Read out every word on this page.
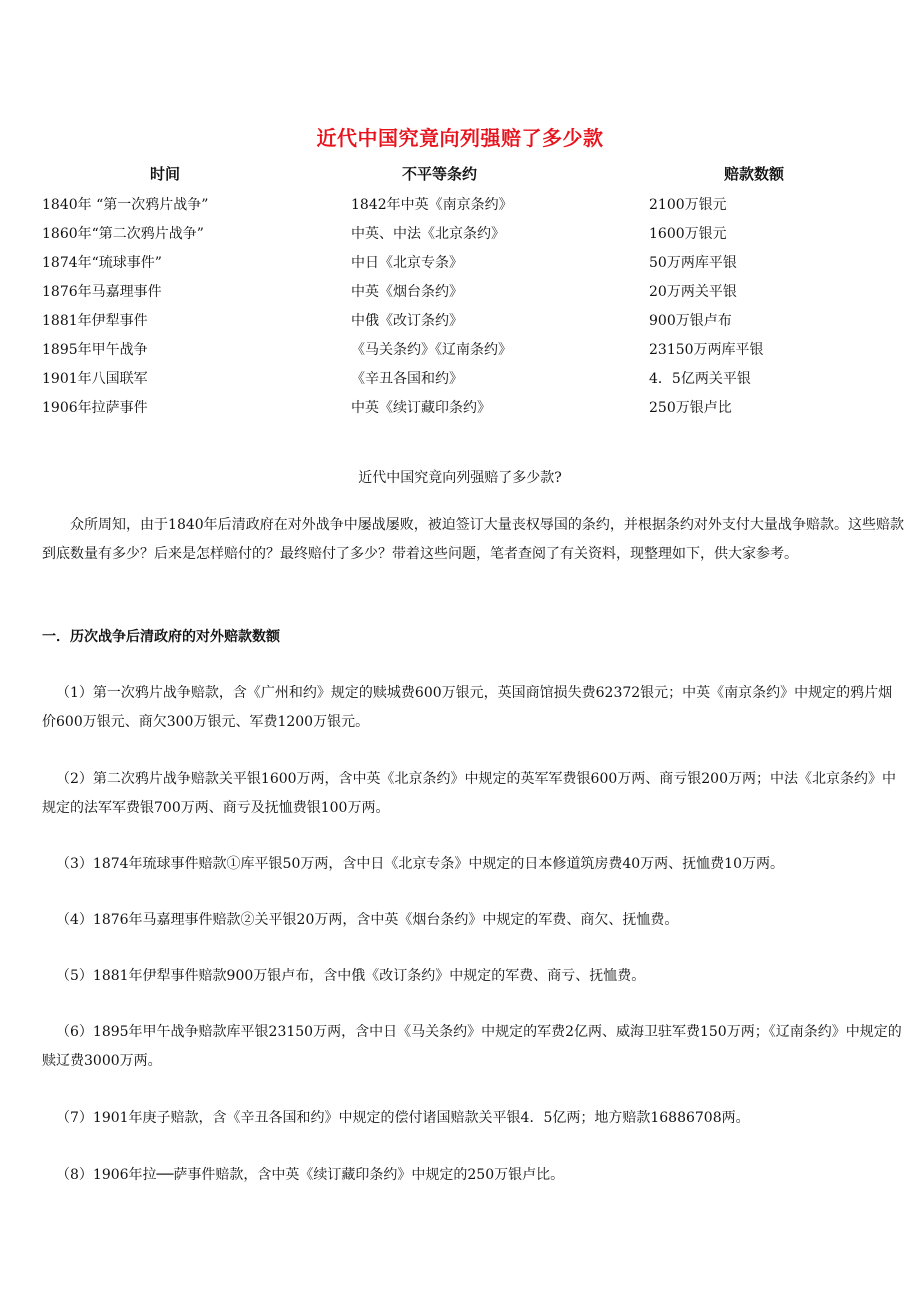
近代中国究竟向列强赔了多少款
时间	不平等条约	赔款数额
1840年 “第一次鸦片战争”	1842年中英《南京条约》	2100万银元
1860年“第二次鸦片战争”	中英、中法《北京条约》	1600万银元
1874年“琉球事件”	中日《北京专条》	50万两库平银
1876年马嘉理事件	中英《烟台条约》	20万两关平银
1881年伊犁事件	中俄《改订条约》	900万银卢布
1895年甲午战争	《马关条约》《辽南条约》	23150万两库平银
1901年八国联军	《辛丑各国和约》	4．5亿两关平银
1906年拉萨事件	中英《续订藏印条约》	250万银卢比
近代中国究竟向列强赔了多少款?

众所周知，由于1840年后清政府在对外战争中屡战屡败，被迫签订大量丧权辱国的条约，并根据条约对外支付大量战争赔款。这些赔款到底数量有多少？后来是怎样赔付的？最终赔付了多少？带着这些问题，笔者查阅了有关资料，现整理如下，供大家参考。

一．历次战争后清政府的对外赔款数额

（1）第一次鸦片战争赔款，含《广州和约》规定的赎城费600万银元，英国商馆损失费62372银元；中英《南京条约》中规定的鸦片烟价600万银元、商欠300万银元、军费1200万银元。

（2）第二次鸦片战争赔款关平银1600万两，含中英《北京条约》中规定的英军军费银600万两、商亏银200万两；中法《北京条约》中规定的法军军费银700万两、商亏及抚恤费银100万两。

（3）1874年琉球事件赔款①库平银50万两，含中日《北京专条》中规定的日本修道筑房费40万两、抚恤费10万两。

（4）1876年马嘉理事件赔款②关平银20万两，含中英《烟台条约》中规定的军费、商欠、抚恤费。

（5）1881年伊犁事件赔款900万银卢布，含中俄《改订条约》中规定的军费、商亏、抚恤费。

（6）1895年甲午战争赔款库平银23150万两，含中日《马关条约》中规定的军费2亿两、威海卫驻军费150万两；《辽南条约》中规定的赎辽费3000万两。

（7）1901年庚子赔款，含《辛丑各国和约》中规定的偿付诸国赔款关平银4．5亿两；地方赔款16886708两。

（8）1906年拉──萨事件赔款，含中英《续订藏印条约》中规定的250万银卢比。
